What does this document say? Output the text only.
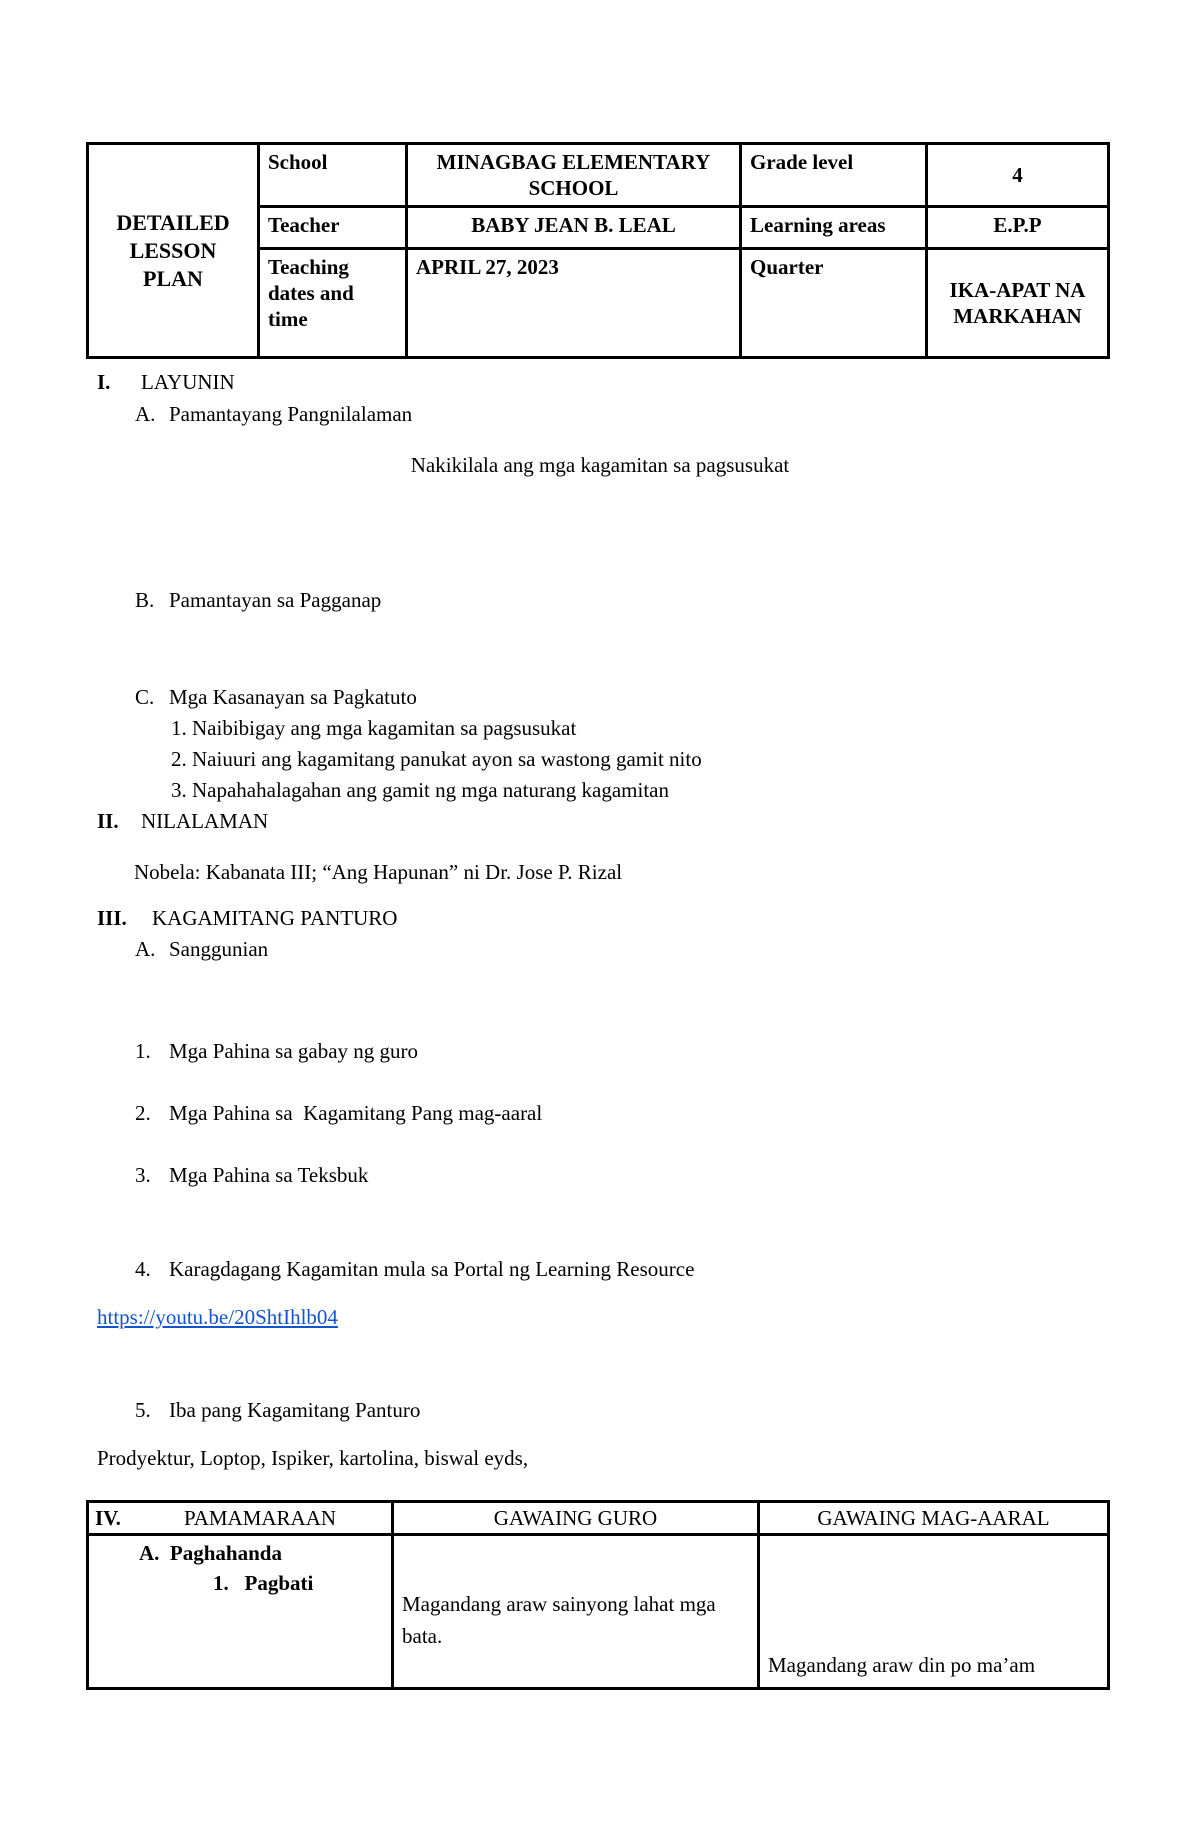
DETAILED LESSON PLAN	School	MINAGBAG ELEMENTARY SCHOOL	Grade level	4
	Teacher	BABY JEAN B. LEAL	Learning areas	E.P.P
	Teaching dates and time	APRIL 27, 2023	Quarter	IKA-APAT NA MARKAHAN
I. LAYUNIN
A. Pamantayang Pangnilalaman
Nakikilala ang mga kagamitan sa pagsusukat
B. Pamantayan sa Pagganap
C. Mga Kasanayan sa Pagkatuto
1. Naibibigay ang mga kagamitan sa pagsusukat
2. Naiuuri ang kagamitang panukat ayon sa wastong gamit nito
3. Napahahalagahan ang gamit ng mga naturang kagamitan
II. NILALAMAN
Nobela: Kabanata III; “Ang Hapunan” ni Dr. Jose P. Rizal
III. KAGAMITANG PANTURO
A. Sanggunian
1. Mga Pahina sa gabay ng guro
2. Mga Pahina sa  Kagamitang Pang mag-aaral
3. Mga Pahina sa Teksbuk
4. Karagdagang Kagamitan mula sa Portal ng Learning Resource
https://youtu.be/20ShtIhlb04
5. Iba pang Kagamitang Panturo
Prodyektur, Loptop, Ispiker, kartolina, biswal eyds,
IV. PAMAMARAAN	GAWAING GURO	GAWAING MAG-AARAL

A.  Paghahanda
1.   Pagbati	Magandang araw sainyong lahat mga bata.	Magandang araw din po ma’am
